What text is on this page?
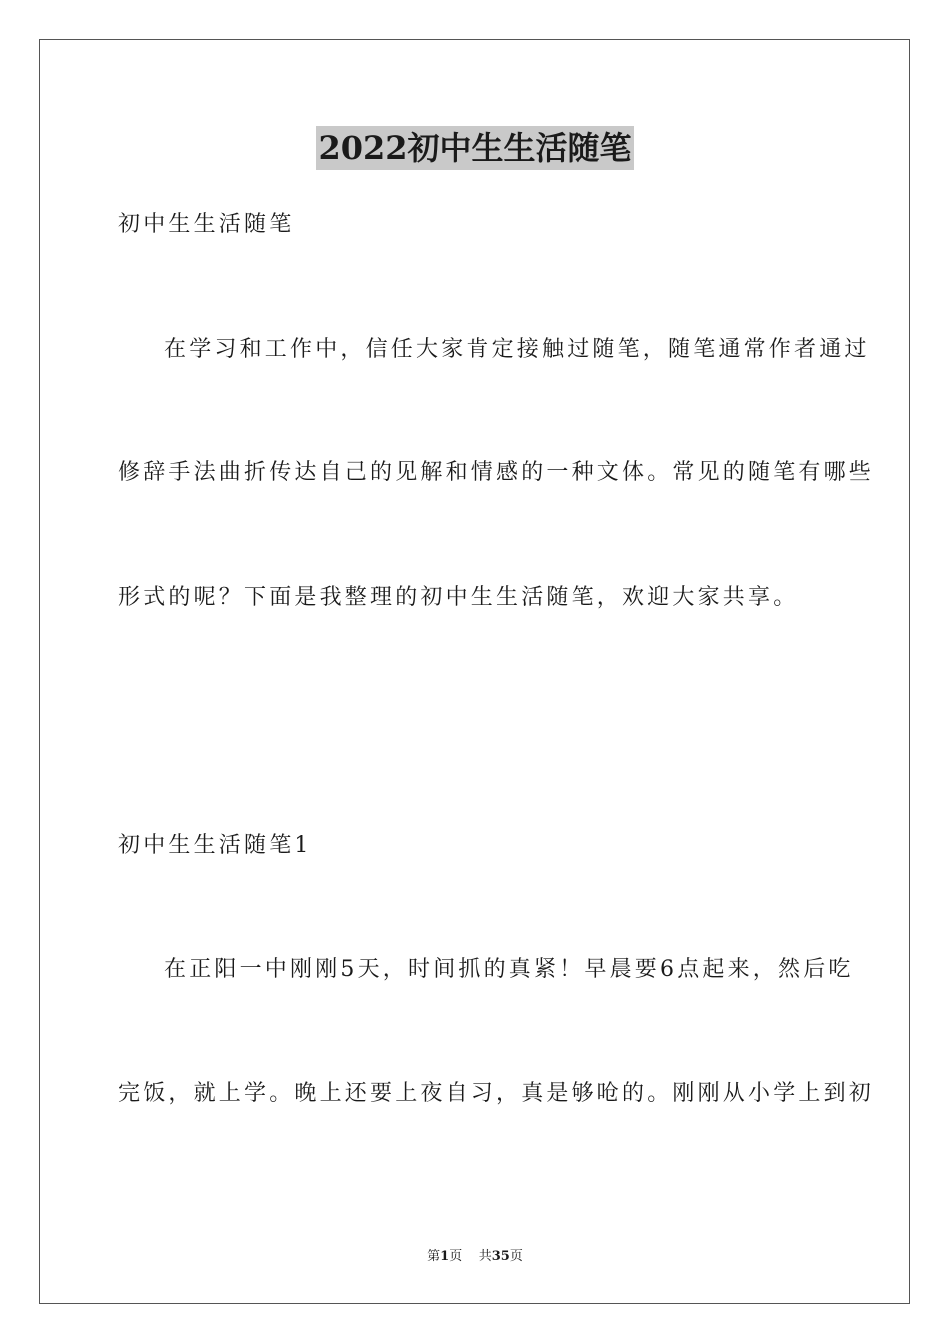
2022初中生生活随笔
初中生生活随笔
在学习和工作中，信任大家肯定接触过随笔，随笔通常作者通过
修辞手法曲折传达自己的见解和情感的一种文体。常见的随笔有哪些
形式的呢？下面是我整理的初中生生活随笔，欢迎大家共享。
初中生生活随笔1
在正阳一中刚刚5天，时间抓的真紧！早晨要6点起来，然后吃
完饭，就上学。晚上还要上夜自习，真是够呛的。刚刚从小学上到初
第1页 共35页
